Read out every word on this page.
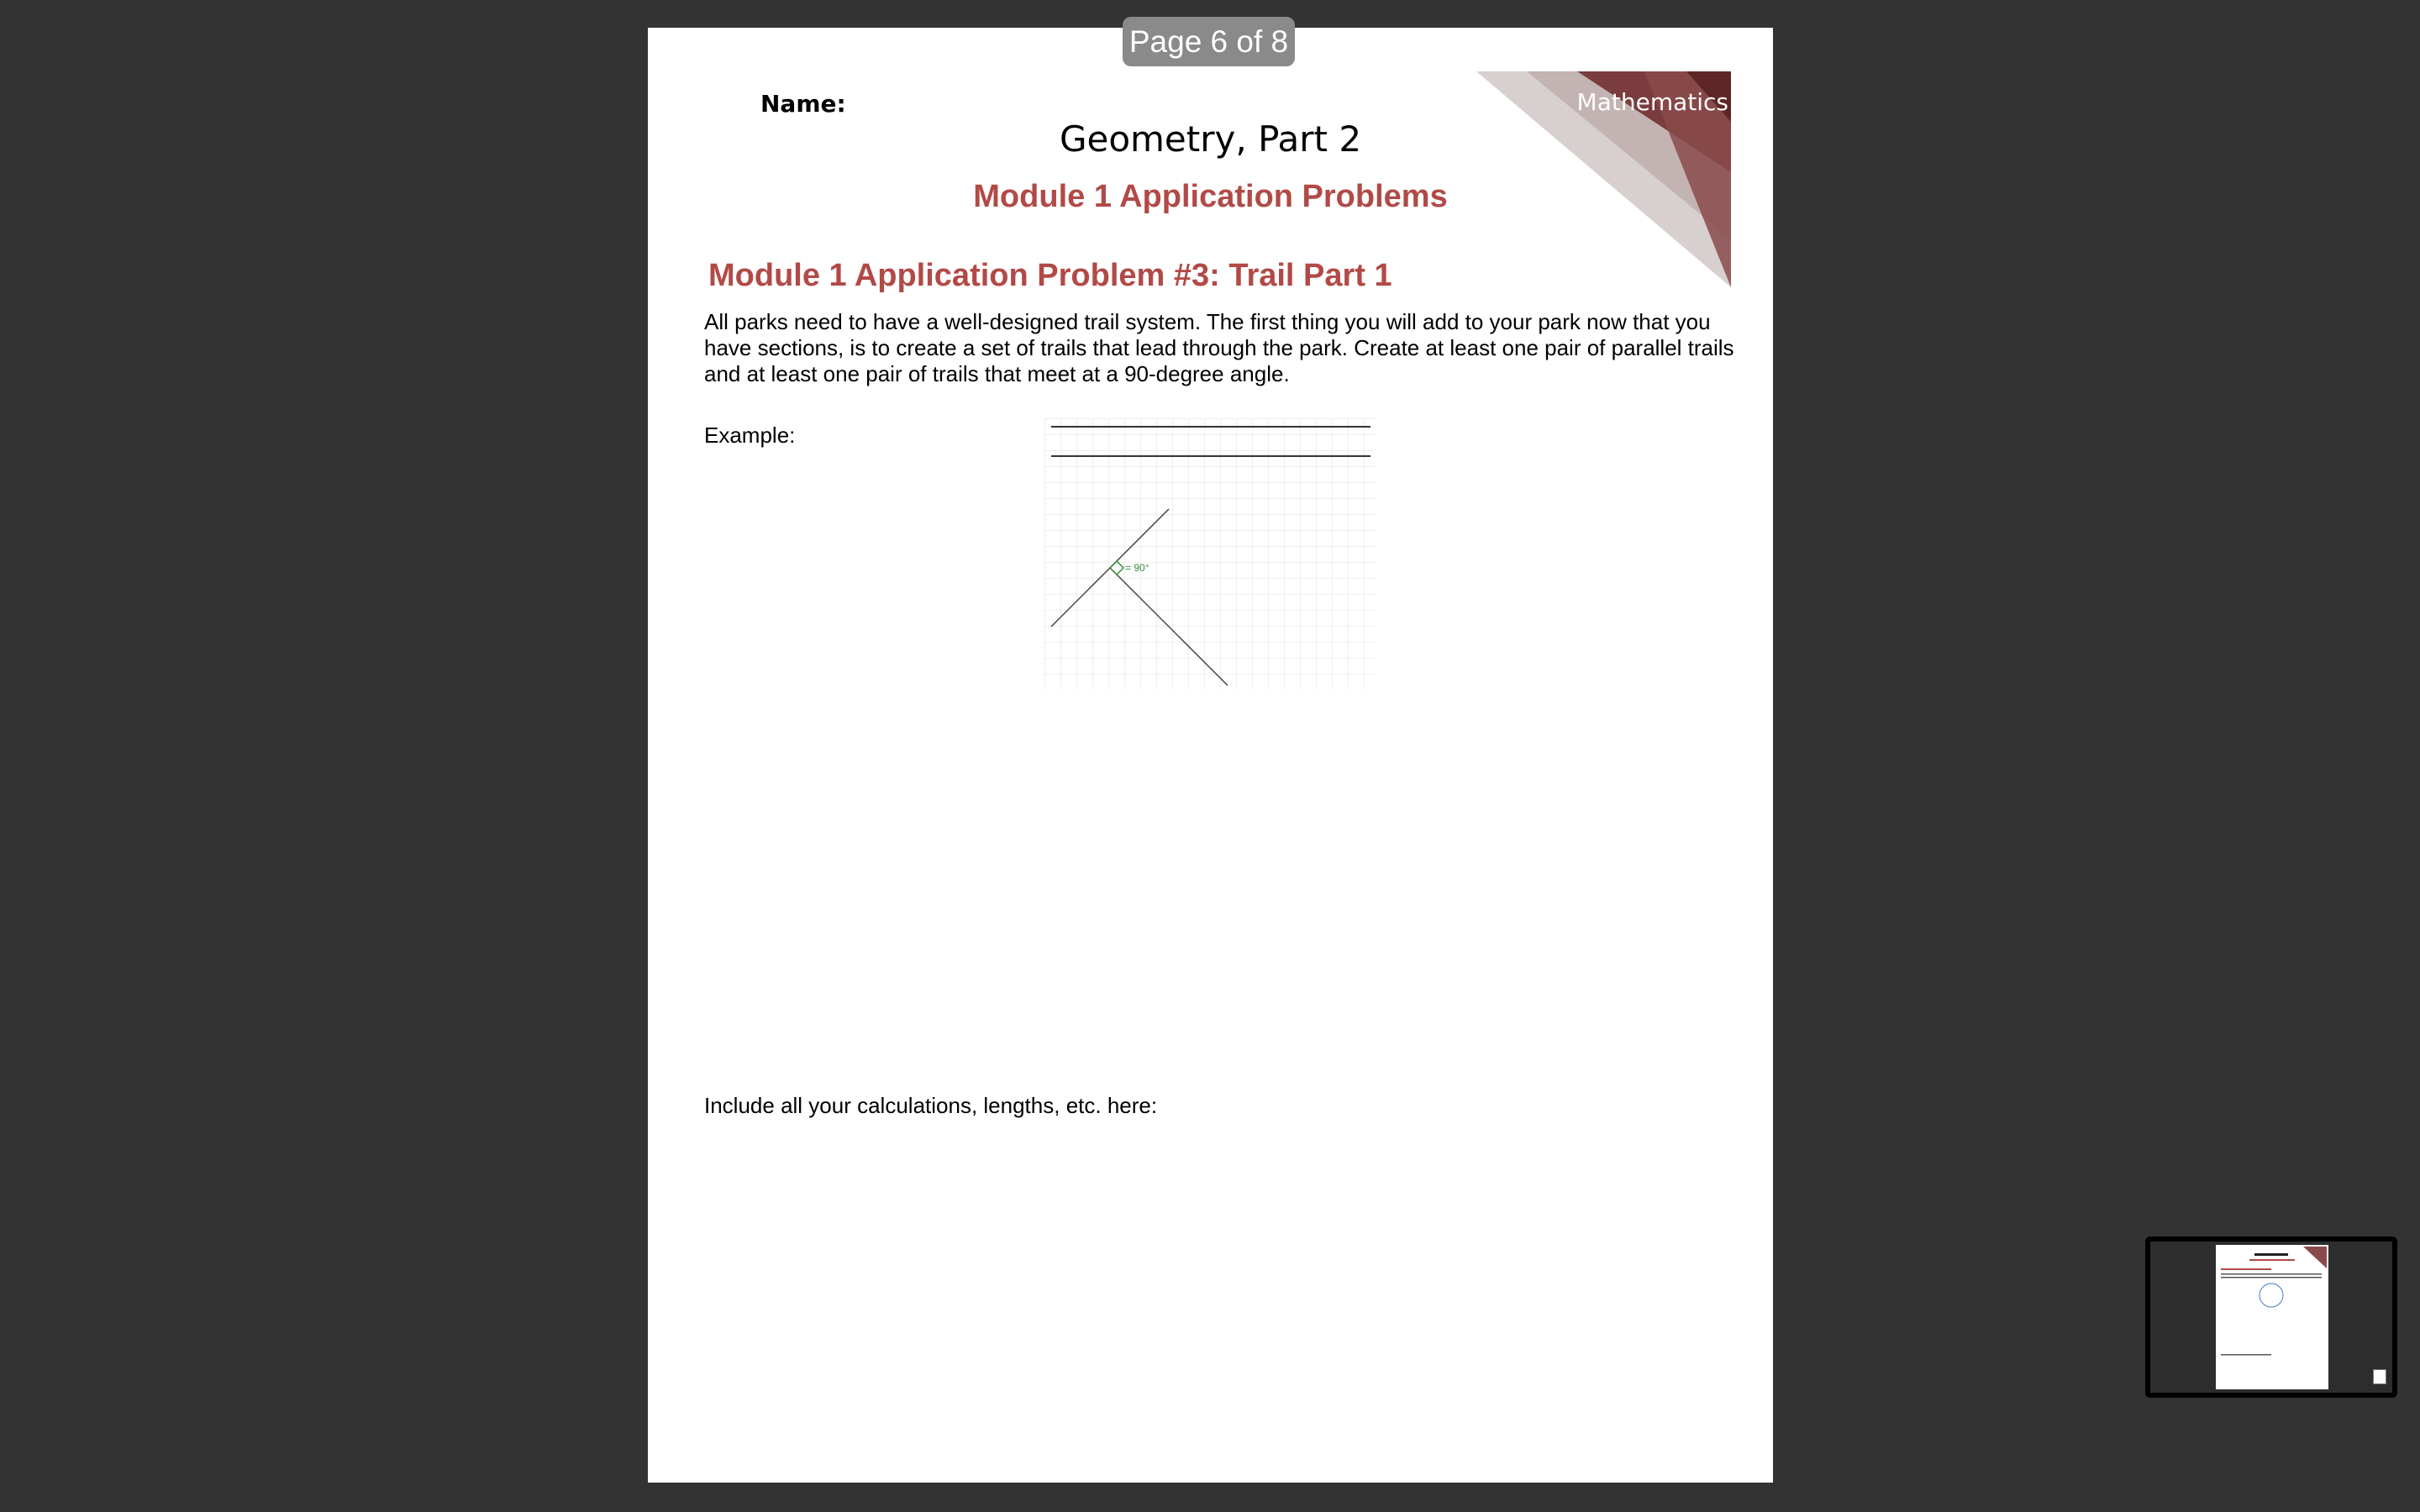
Page 6 of 8
Mathematics
Name:
Geometry, Part 2
Module 1 Application Problems
Module 1 Application Problem #3: Trail Part 1
All parks need to have a well-designed trail system. The first thing you will add to your park now that you have sections, is to create a set of trails that lead through the park. Create at least one pair of parallel trails and at least one pair of trails that meet at a 90-degree angle.
Example:
= 90°
Include all your calculations, lengths, etc. here:
